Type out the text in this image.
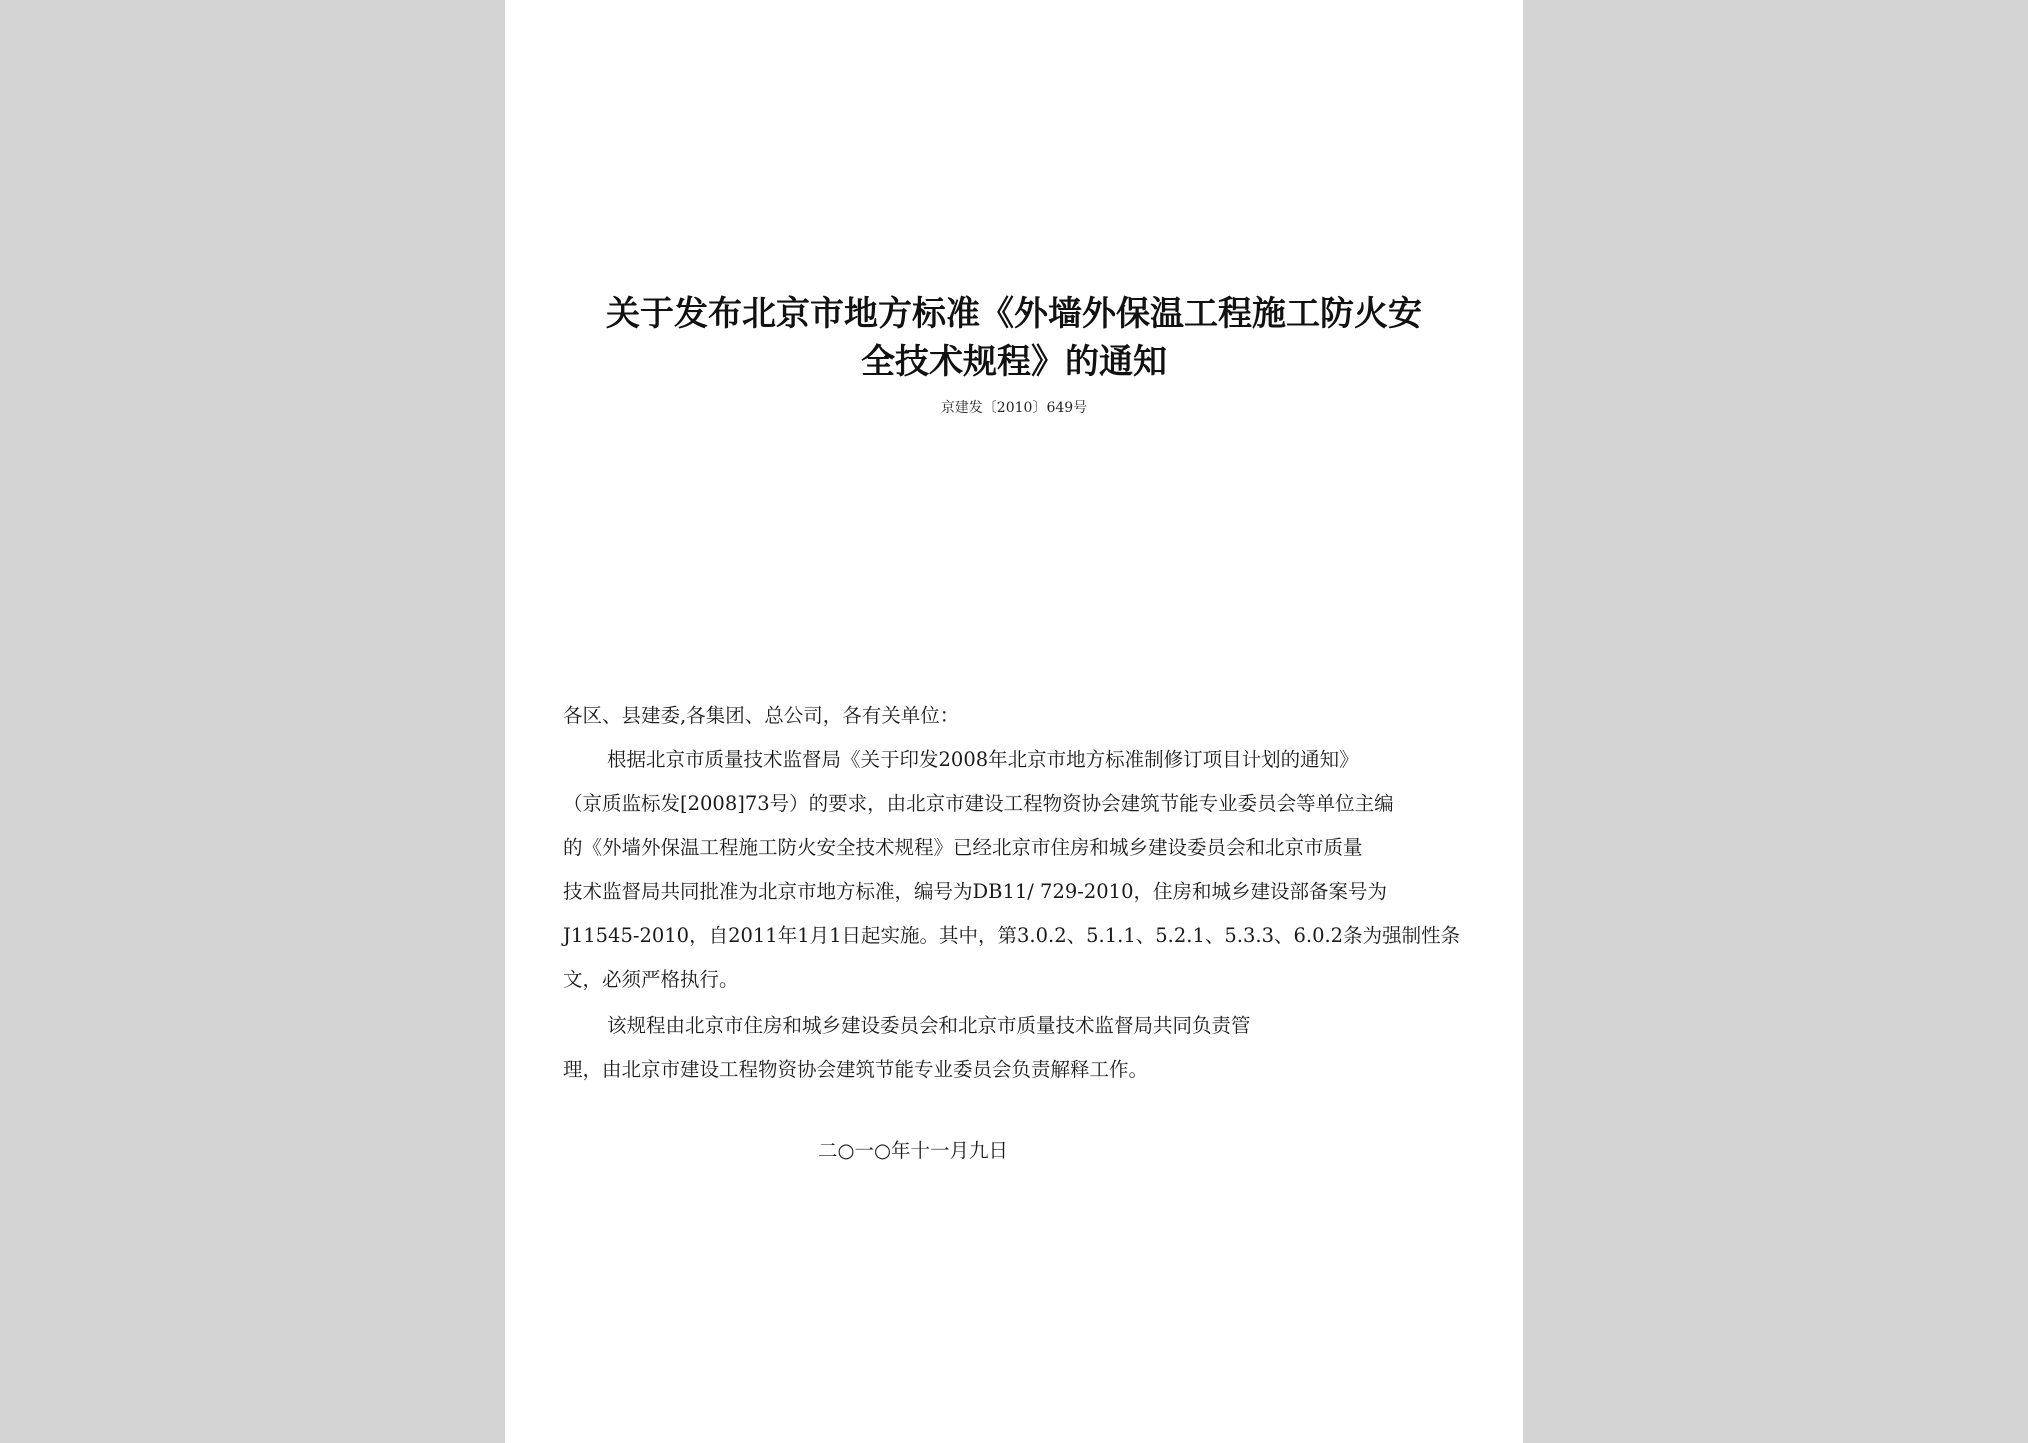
关于发布北京市地方标准《外墙外保温工程施工防火安
全技术规程》的通知
京建发〔2010〕649号

各区、县建委,各集团、总公司，各有关单位：

根据北京市质量技术监督局《关于印发2008年北京市地方标准制修订项目计划的通知》

（京质监标发[2008]73号）的要求，由北京市建设工程物资协会建筑节能专业委员会等单位主编

的《外墙外保温工程施工防火安全技术规程》已经北京市住房和城乡建设委员会和北京市质量

技术监督局共同批准为北京市地方标准，编号为DB11/ 729-2010，住房和城乡建设部备案号为

J11545-2010，自2011年1月1日起实施。其中，第3.0.2、5.1.1、5.2.1、5.3.3、6.0.2条为强制性条

文，必须严格执行。

该规程由北京市住房和城乡建设委员会和北京市质量技术监督局共同负责管

理，由北京市建设工程物资协会建筑节能专业委员会负责解释工作。

二○一○年十一月九日
